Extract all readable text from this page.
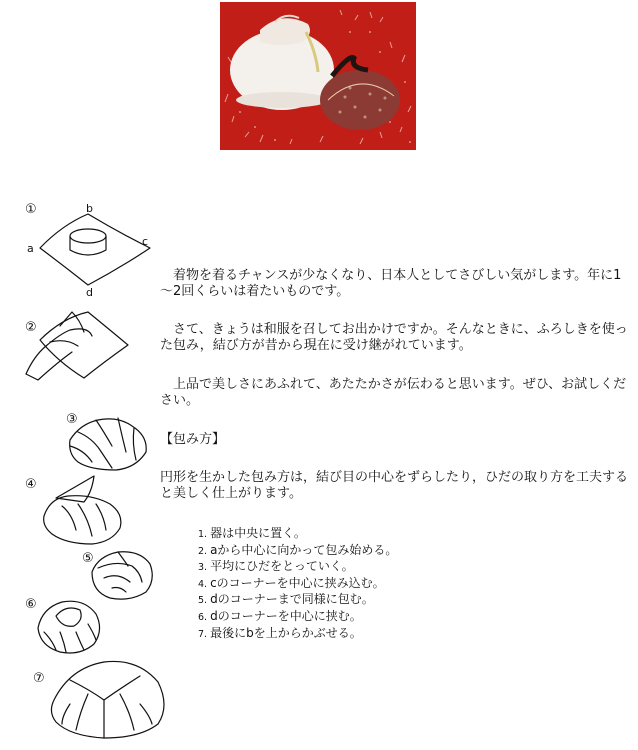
①
②
③
④
⑤
⑥
⑦
b
a
c
d
　着物を着るチャンスが少なくなり、日本人としてさびしい気がします。年に1～2回くらいは着たいものです。
　さて、きょうは和服を召してお出かけですか。そんなときに、ふろしきを使った包み，結び方が昔から現在に受け継がれています。
　上品で美しさにあふれて、あたたかさが伝わると思います。ぜひ、お試しください。
【包み方】
円形を生かした包み方は，結び目の中心をずらしたり，ひだの取り方を工夫すると美しく仕上がります。
1. 器は中央に置く。
2. aから中心に向かって包み始める。
3. 平均にひだをとっていく。
4. cのコーナーを中心に挟み込む。
5. dのコーナーまで同様に包む。
6. dのコーナーを中心に挟む。
7. 最後にbを上からかぶせる。
